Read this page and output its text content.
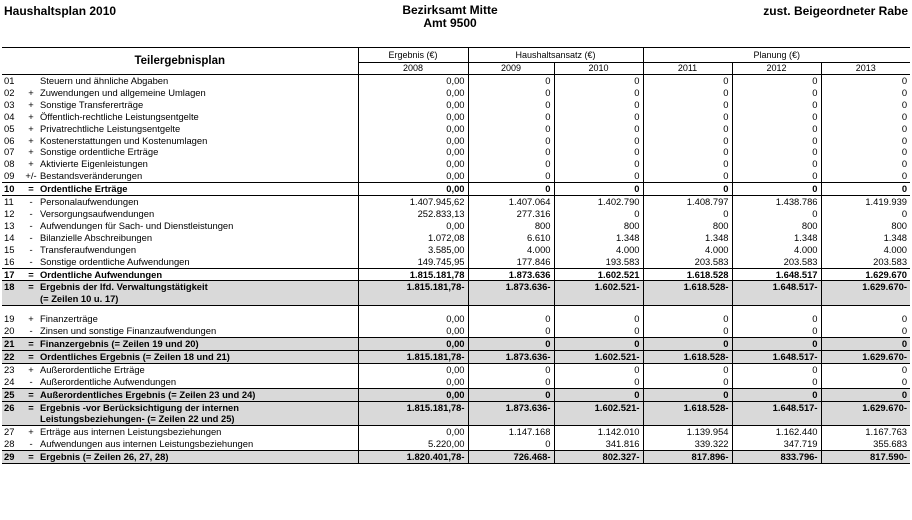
Haushaltsplan 2010	Bezirksamt Mitte
Amt 9500
zust. Beigeordneter Rabe
Teilergebnisplan			Ergebnis (€)	Haushaltsansatz (€)		Planung (€)		
			2008	2009	2010	2011	2012	2013
01		Steuern und ähnliche Abgaben	0,00	0	0	0	0	0
02	+	Zuwendungen und allgemeine Umlagen	0,00	0	0	0	0	0
03	+	Sonstige Transfererträge	0,00	0	0	0	0	0
04	+	Öffentlich-rechtliche Leistungsentgelte	0,00	0	0	0	0	0
05	+	Privatrechtliche Leistungsentgelte	0,00	0	0	0	0	0
06	+	Kostenerstattungen und Kostenumlagen	0,00	0	0	0	0	0
07	+	Sonstige ordentliche Erträge	0,00	0	0	0	0	0
08	+	Aktivierte Eigenleistungen	0,00	0	0	0	0	0
09	+/-	Bestandsveränderungen	0,00	0	0	0	0	0
10	=	Ordentliche Erträge	0,00	0	0	0	0	0
11	-	Personalaufwendungen	1.407.945,62	1.407.064	1.402.790	1.408.797	1.438.786	1.419.939
12	-	Versorgungsaufwendungen	252.833,13	277.316	0	0	0	0
13	-	Aufwendungen für Sach- und Dienstleistungen	0,00	800	800	800	800	800
14	-	Bilanzielle Abschreibungen	1.072,08	6.610	1.348	1.348	1.348	1.348
15	-	Transferaufwendungen	3.585,00	4.000	4.000	4.000	4.000	4.000
16	-	Sonstige ordentliche Aufwendungen	149.745,95	177.846	193.583	203.583	203.583	203.583
17	=	Ordentliche Aufwendungen	1.815.181,78	1.873.636	1.602.521	1.618.528	1.648.517	1.629.670
18	=	Ergebnis der lfd. Verwaltungstätigkeit	1.815.181,78-	1.873.636-	1.602.521-	1.618.528-	1.648.517-	1.629.670-
		(= Zeilen 10 u. 17)						

19	+	Finanzerträge	0,00	0	0	0	0	0
20	-	Zinsen und sonstige Finanzaufwendungen	0,00	0	0	0	0	0
21	=	Finanzergebnis (= Zeilen 19 und 20)	0,00	0	0	0	0	0
22	=	Ordentliches Ergebnis (= Zeilen 18 und 21)	1.815.181,78-	1.873.636-	1.602.521-	1.618.528-	1.648.517-	1.629.670-
23	+	Außerordentliche Erträge	0,00	0	0	0	0	0
24	-	Außerordentliche Aufwendungen	0,00	0	0	0	0	0
25	=	Außerordentliches Ergebnis (= Zeilen 23 und 24)	0,00	0	0	0	0	0
26	=	Ergebnis -vor Berücksichtigung der internen	1.815.181,78-	1.873.636-	1.602.521-	1.618.528-	1.648.517-	1.629.670-
		Leistungsbeziehungen- (= Zeilen 22 und 25)						
27	+	Erträge aus internen Leistungsbeziehungen	0,00	1.147.168	1.142.010	1.139.954	1.162.440	1.167.763
28	-	Aufwendungen aus internen Leistungsbeziehungen	5.220,00	0	341.816	339.322	347.719	355.683
29	=	Ergebnis (= Zeilen 26, 27, 28)	1.820.401,78-	726.468-	802.327-	817.896-	833.796-	817.590-
